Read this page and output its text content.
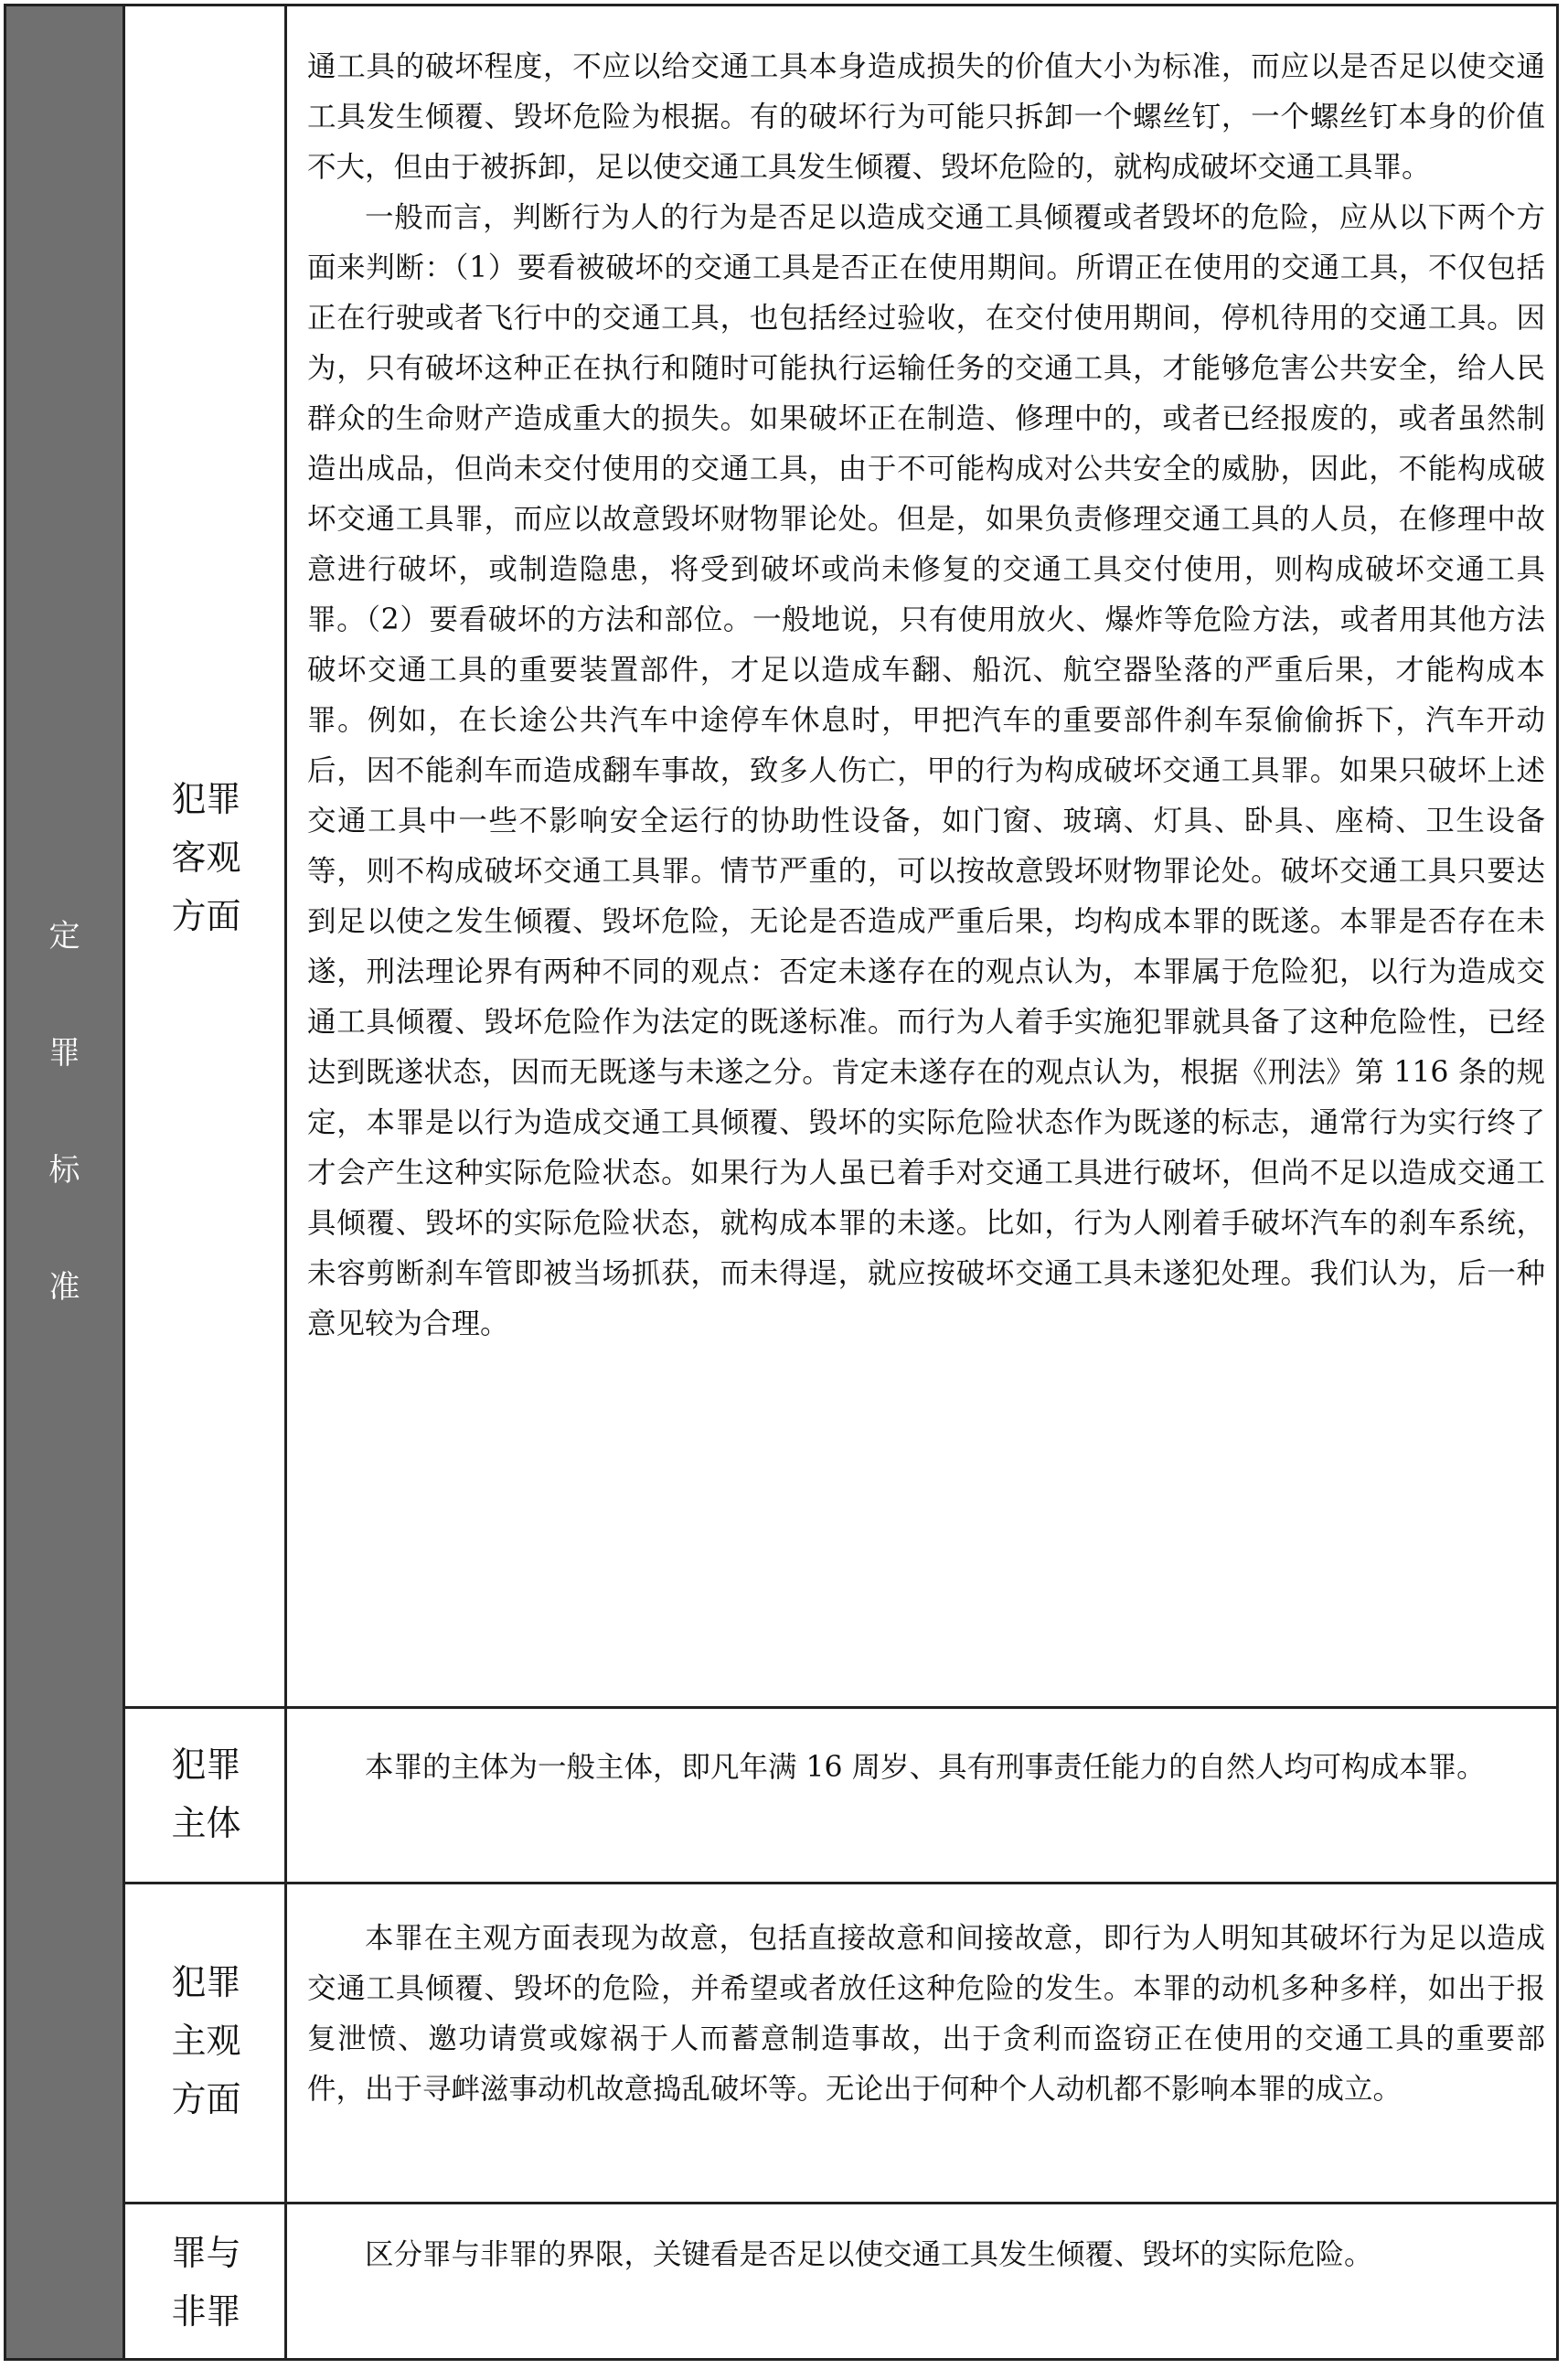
定
罪
标
准
犯罪
客观
方面

通工具的破坏程度，不应以给交通工具本身造成损失的价值大小为标准，而应以是否足以使交通工具发生倾覆、毁坏危险为根据。有的破坏行为可能只拆卸一个螺丝钉，一个螺丝钉本身的价值不大，但由于被拆卸，足以使交通工具发生倾覆、毁坏危险的，就构成破坏交通工具罪。

一般而言，判断行为人的行为是否足以造成交通工具倾覆或者毁坏的危险，应从以下两个方面来判断：（1）要看被破坏的交通工具是否正在使用期间。所谓正在使用的交通工具，不仅包括正在行驶或者飞行中的交通工具，也包括经过验收，在交付使用期间，停机待用的交通工具。因为，只有破坏这种正在执行和随时可能执行运输任务的交通工具，才能够危害公共安全，给人民群众的生命财产造成重大的损失。如果破坏正在制造、修理中的，或者已经报废的，或者虽然制造出成品，但尚未交付使用的交通工具，由于不可能构成对公共安全的威胁，因此，不能构成破坏交通工具罪，而应以故意毁坏财物罪论处。但是，如果负责修理交通工具的人员，在修理中故意进行破坏，或制造隐患，将受到破坏或尚未修复的交通工具交付使用，则构成破坏交通工具罪。（2）要看破坏的方法和部位。一般地说，只有使用放火、爆炸等危险方法，或者用其他方法破坏交通工具的重要装置部件，才足以造成车翻、船沉、航空器坠落的严重后果，才能构成本罪。例如，在长途公共汽车中途停车休息时，甲把汽车的重要部件刹车泵偷偷拆下，汽车开动后，因不能刹车而造成翻车事故，致多人伤亡，甲的行为构成破坏交通工具罪。如果只破坏上述交通工具中一些不影响安全运行的协助性设备，如门窗、玻璃、灯具、卧具、座椅、卫生设备等，则不构成破坏交通工具罪。情节严重的，可以按故意毁坏财物罪论处。破坏交通工具只要达到足以使之发生倾覆、毁坏危险，无论是否造成严重后果，均构成本罪的既遂。本罪是否存在未遂，刑法理论界有两种不同的观点：否定未遂存在的观点认为，本罪属于危险犯，以行为造成交通工具倾覆、毁坏危险作为法定的既遂标准。而行为人着手实施犯罪就具备了这种危险性，已经达到既遂状态，因而无既遂与未遂之分。肯定未遂存在的观点认为，根据《刑法》第 116 条的规定，本罪是以行为造成交通工具倾覆、毁坏的实际危险状态作为既遂的标志，通常行为实行终了才会产生这种实际危险状态。如果行为人虽已着手对交通工具进行破坏，但尚不足以造成交通工具倾覆、毁坏的实际危险状态，就构成本罪的未遂。比如，行为人刚着手破坏汽车的刹车系统，未容剪断刹车管即被当场抓获，而未得逞，就应按破坏交通工具未遂犯处理。我们认为，后一种意见较为合理。

犯罪
主体

本罪的主体为一般主体，即凡年满 16 周岁、具有刑事责任能力的自然人均可构成本罪。

犯罪
主观
方面

本罪在主观方面表现为故意，包括直接故意和间接故意，即行为人明知其破坏行为足以造成交通工具倾覆、毁坏的危险，并希望或者放任这种危险的发生。本罪的动机多种多样，如出于报复泄愤、邀功请赏或嫁祸于人而蓄意制造事故，出于贪利而盗窃正在使用的交通工具的重要部件，出于寻衅滋事动机故意捣乱破坏等。无论出于何种个人动机都不影响本罪的成立。

罪与
非罪

区分罪与非罪的界限，关键看是否足以使交通工具发生倾覆、毁坏的实际危险。
